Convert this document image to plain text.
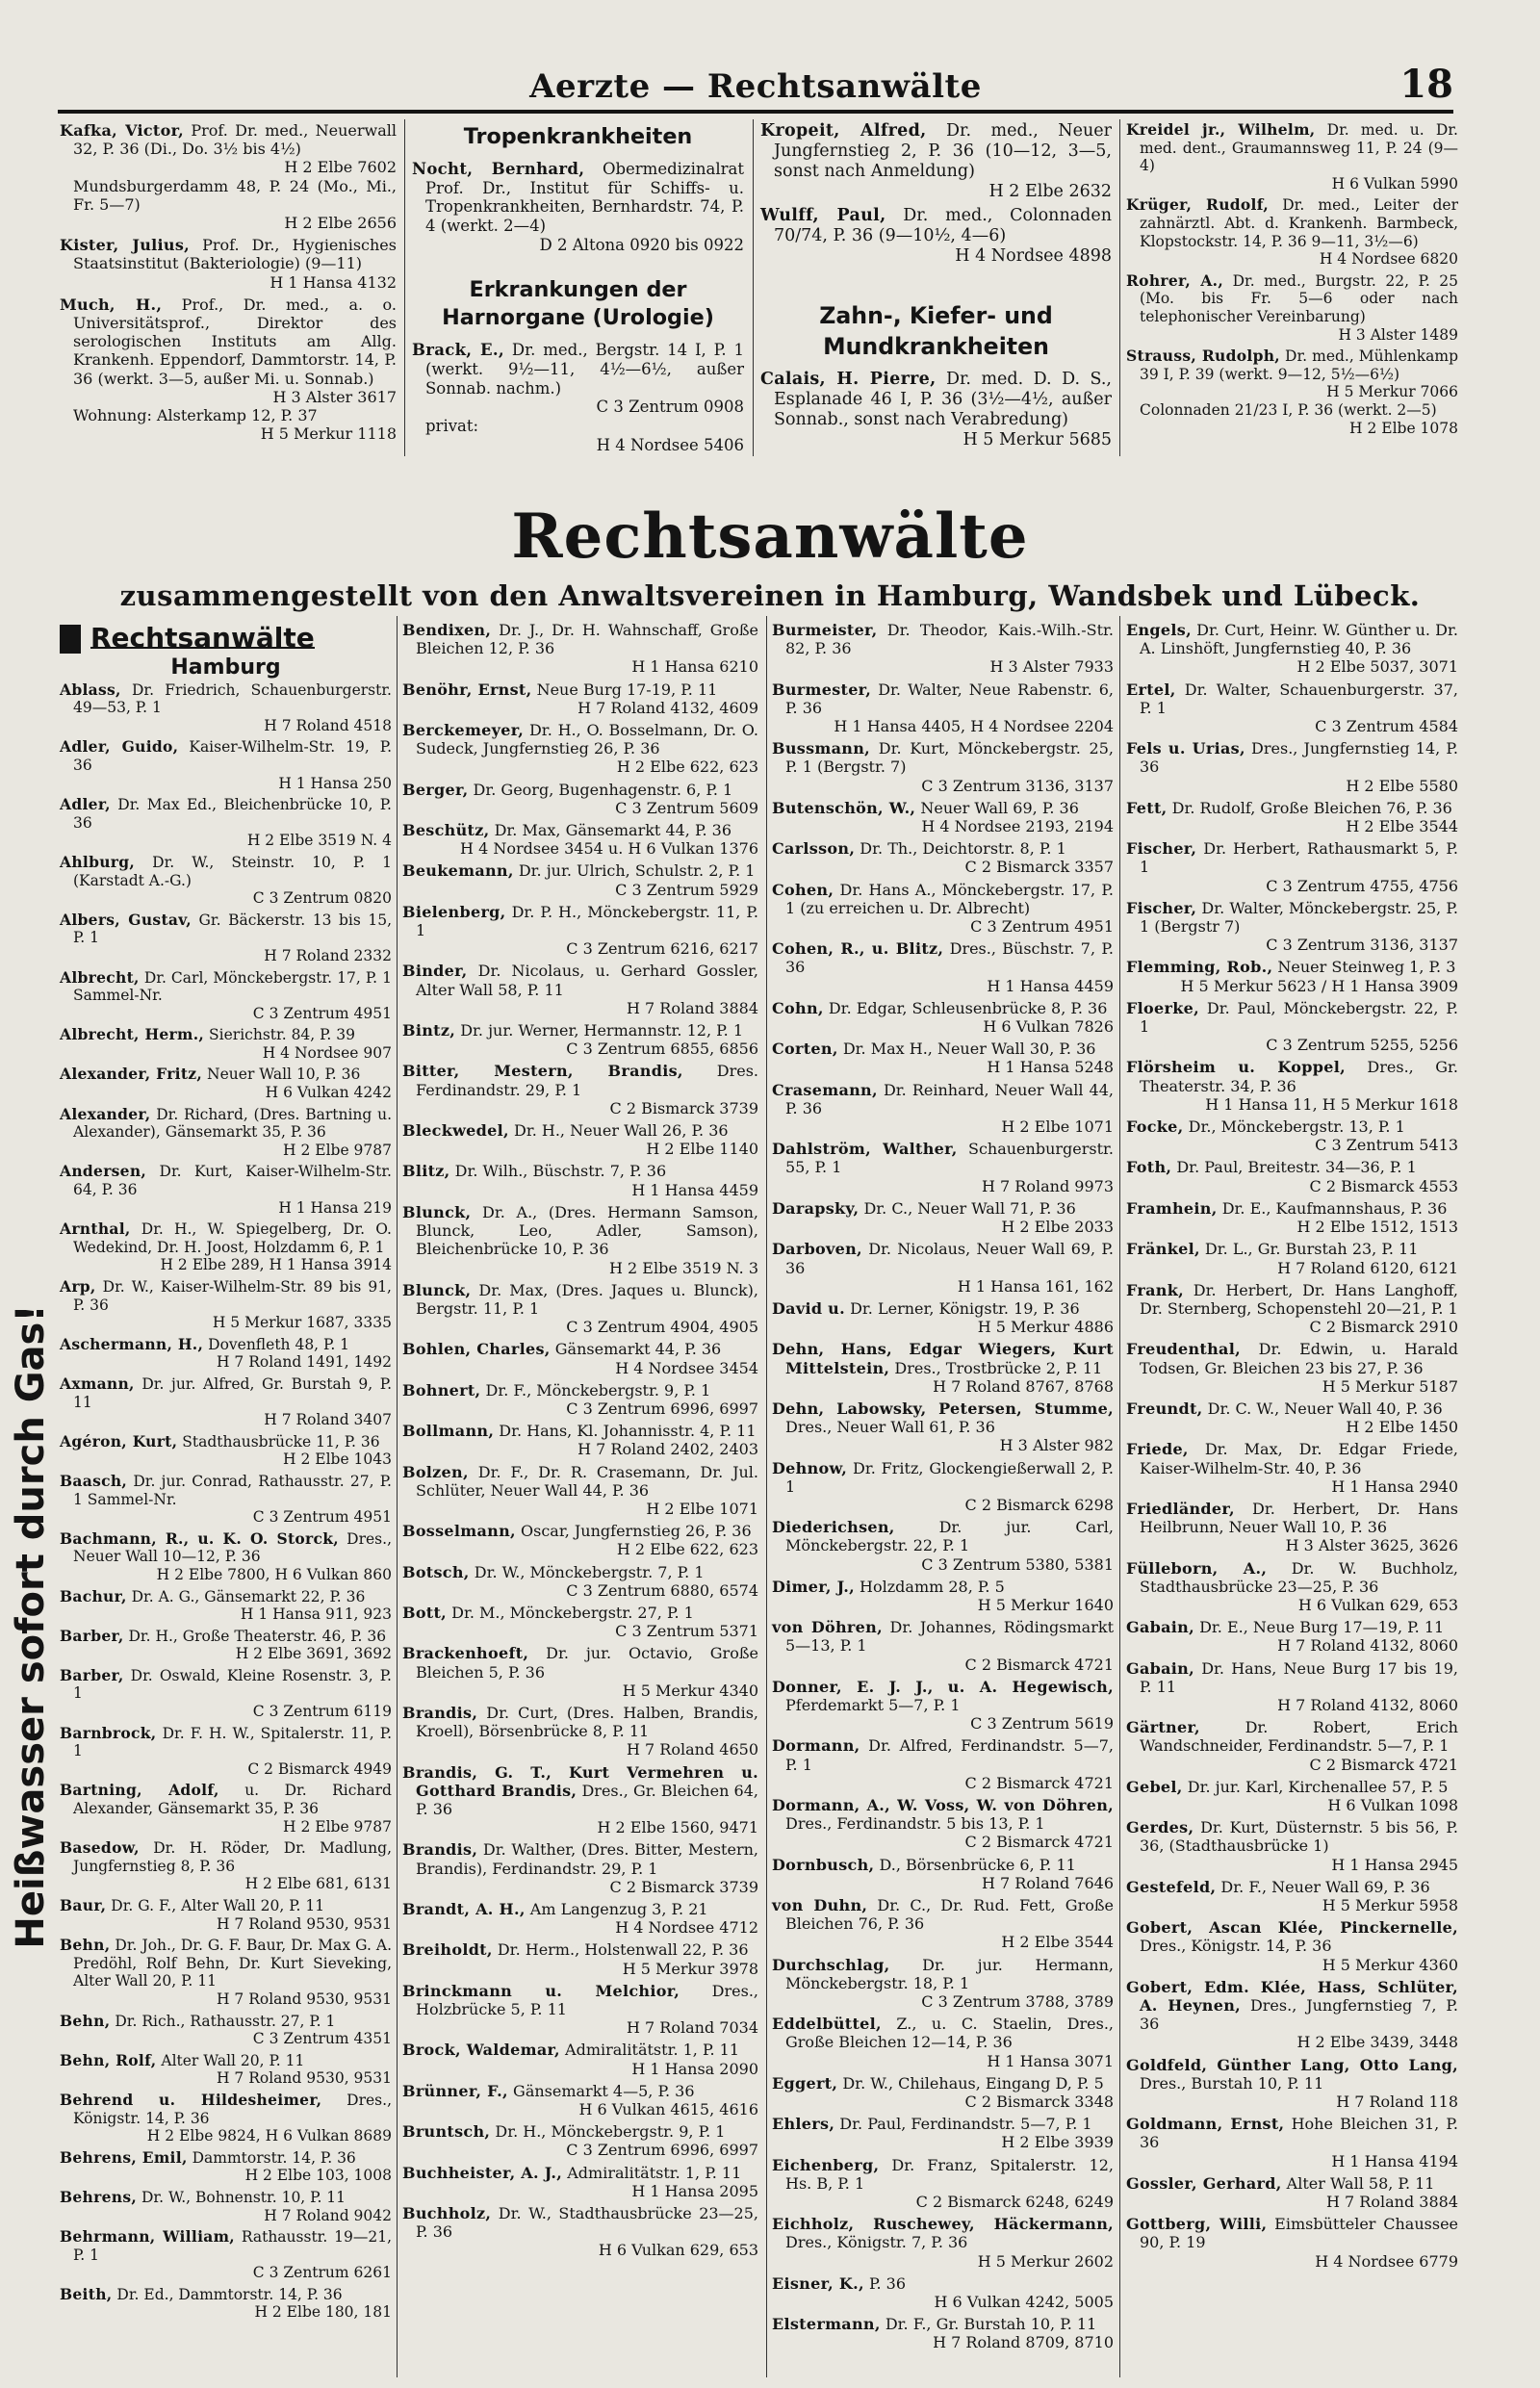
Aerzte — Rechtsanwälte	18
Kafka, Victor, Prof. Dr. med., Neuerwall 32, P. 36 (Di., Do. 3½ bis 4½)
H 2 Elbe 7602
Mundsburgerdamm 48, P. 24 (Mo., Mi., Fr. 5—7)
H 2 Elbe 2656
Kister, Julius, Prof. Dr., Hygienisches Staatsinstitut (Bakteriologie) (9—11)
H 1 Hansa 4132
Much, H., Prof., Dr. med., a. o. Universitätsprof., Direktor des serologischen Instituts am Allg. Krankenh. Eppendorf, Dammtorstr. 14, P. 36 (werkt. 3—5, außer Mi. u. Sonnab.)
H 3 Alster 3617
Wohnung: Alsterkamp 12, P. 37
H 5 Merkur 1118
Tropenkrankheiten
Nocht, Bernhard, Obermedizinalrat Prof. Dr., Institut für Schiffs- u. Tropenkrankheiten, Bernhardstr. 74, P. 4 (werkt. 2—4)
D 2 Altona 0920 bis 0922
Erkrankungen der Harnorgane (Urologie)
Brack, E., Dr. med., Bergstr. 14 I, P. 1 (werkt. 9½—11, 4½—6½, außer Sonnab. nachm.)
C 3 Zentrum 0908
privat:
H 4 Nordsee 5406
Kropeit, Alfred, Dr. med., Neuer Jungfernstieg 2, P. 36 (10—12, 3—5, sonst nach Anmeldung)
H 2 Elbe 2632
Wulff, Paul, Dr. med., Colonnaden 70/74, P. 36 (9—10½, 4—6)
H 4 Nordsee 4898
Zahn-, Kiefer- und Mundkrankheiten
Calais, H. Pierre, Dr. med. D. D. S., Esplanade 46 I, P. 36 (3½—4½, außer Sonnab., sonst nach Verabredung)
H 5 Merkur 5685
Kreidel jr., Wilhelm, Dr. med. u. Dr. med. dent., Graumannsweg 11, P. 24 (9—4)
H 6 Vulkan 5990
Krüger, Rudolf, Dr. med., Leiter der zahnärztl. Abt. d. Krankenh. Barmbeck, Klopstockstr. 14, P. 36 9—11, 3½—6)
H 4 Nordsee 6820
Rohrer, A., Dr. med., Burgstr. 22, P. 25 (Mo. bis Fr. 5—6 oder nach telephonischer Vereinbarung)
H 3 Alster 1489
Strauss, Rudolph, Dr. med., Mühlenkamp 39 I, P. 39 (werkt. 9—12, 5½—6½)
H 5 Merkur 7066
Colonnaden 21/23 I, P. 36 (werkt. 2—5)
H 2 Elbe 1078
Rechtsanwälte
zusammengestellt von den Anwaltsvereinen in Hamburg, Wandsbek und Lübeck.
Heißwasser sofort durch Gas!
Rechtsanwälte
Hamburg
Ablass, Dr. Friedrich, Schauenburgerstr. 49—53, P. 1
H 7 Roland 4518
Adler, Guido, Kaiser-Wilhelm-Str. 19, P. 36
H 1 Hansa 250
Adler, Dr. Max Ed., Bleichenbrücke 10, P. 36
H 2 Elbe 3519 N. 4
Ahlburg, Dr. W., Steinstr. 10, P. 1 (Karstadt A.-G.)
C 3 Zentrum 0820
Albers, Gustav, Gr. Bäckerstr. 13 bis 15, P. 1
H 7 Roland 2332
Albrecht, Dr. Carl, Mönckebergstr. 17, P. 1 Sammel-Nr.
C 3 Zentrum 4951
Albrecht, Herm., Sierichstr. 84, P. 39
H 4 Nordsee 907
Alexander, Fritz, Neuer Wall 10, P. 36
H 6 Vulkan 4242
Alexander, Dr. Richard, (Dres. Bartning u. Alexander), Gänsemarkt 35, P. 36
H 2 Elbe 9787
Andersen, Dr. Kurt, Kaiser-Wilhelm-Str. 64, P. 36
H 1 Hansa 219
Arnthal, Dr. H., W. Spiegelberg, Dr. O. Wedekind, Dr. H. Joost, Holzdamm 6, P. 1
H 2 Elbe 289, H 1 Hansa 3914
Arp, Dr. W., Kaiser-Wilhelm-Str. 89 bis 91, P. 36
H 5 Merkur 1687, 3335
Aschermann, H., Dovenfleth 48, P. 1
H 7 Roland 1491, 1492
Axmann, Dr. jur. Alfred, Gr. Burstah 9, P. 11
H 7 Roland 3407
Agéron, Kurt, Stadthausbrücke 11, P. 36
H 2 Elbe 1043
Baasch, Dr. jur. Conrad, Rathausstr. 27, P. 1 Sammel-Nr.
C 3 Zentrum 4951
Bachmann, R., u. K. O. Storck, Dres., Neuer Wall 10—12, P. 36
H 2 Elbe 7800, H 6 Vulkan 860
Bachur, Dr. A. G., Gänsemarkt 22, P. 36
H 1 Hansa 911, 923
Barber, Dr. H., Große Theaterstr. 46, P. 36
H 2 Elbe 3691, 3692
Barber, Dr. Oswald, Kleine Rosenstr. 3, P. 1
C 3 Zentrum 6119
Barnbrock, Dr. F. H. W., Spitalerstr. 11, P. 1
C 2 Bismarck 4949
Bartning, Adolf, u. Dr. Richard Alexander, Gänsemarkt 35, P. 36
H 2 Elbe 9787
Basedow, Dr. H. Röder, Dr. Madlung, Jungfernstieg 8, P. 36
H 2 Elbe 681, 6131
Baur, Dr. G. F., Alter Wall 20, P. 11
H 7 Roland 9530, 9531
Behn, Dr. Joh., Dr. G. F. Baur, Dr. Max G. A. Predöhl, Rolf Behn, Dr. Kurt Sieveking, Alter Wall 20, P. 11
H 7 Roland 9530, 9531
Behn, Dr. Rich., Rathausstr. 27, P. 1
C 3 Zentrum 4351
Behn, Rolf, Alter Wall 20, P. 11
H 7 Roland 9530, 9531
Behrend u. Hildesheimer, Dres., Königstr. 14, P. 36
H 2 Elbe 9824, H 6 Vulkan 8689
Behrens, Emil, Dammtorstr. 14, P. 36
H 2 Elbe 103, 1008
Behrens, Dr. W., Bohnenstr. 10, P. 11
H 7 Roland 9042
Behrmann, William, Rathausstr. 19—21, P. 1
C 3 Zentrum 6261
Beith, Dr. Ed., Dammtorstr. 14, P. 36
H 2 Elbe 180, 181
Bendixen, Dr. J., Dr. H. Wahnschaff, Große Bleichen 12, P. 36
H 1 Hansa 6210
Benöhr, Ernst, Neue Burg 17-19, P. 11
H 7 Roland 4132, 4609
Berckemeyer, Dr. H., O. Bosselmann, Dr. O. Sudeck, Jungfernstieg 26, P. 36
H 2 Elbe 622, 623
Berger, Dr. Georg, Bugenhagenstr. 6, P. 1
C 3 Zentrum 5609
Beschütz, Dr. Max, Gänsemarkt 44, P. 36
H 4 Nordsee 3454 u. H 6 Vulkan 1376
Beukemann, Dr. jur. Ulrich, Schulstr. 2, P. 1
C 3 Zentrum 5929
Bielenberg, Dr. P. H., Mönckebergstr. 11, P. 1
C 3 Zentrum 6216, 6217
Binder, Dr. Nicolaus, u. Gerhard Gossler, Alter Wall 58, P. 11
H 7 Roland 3884
Bintz, Dr. jur. Werner, Hermannstr. 12, P. 1
C 3 Zentrum 6855, 6856
Bitter, Mestern, Brandis, Dres. Ferdinandstr. 29, P. 1
C 2 Bismarck 3739
Bleckwedel, Dr. H., Neuer Wall 26, P. 36
H 2 Elbe 1140
Blitz, Dr. Wilh., Büschstr. 7, P. 36
H 1 Hansa 4459
Blunck, Dr. A., (Dres. Hermann Samson, Blunck, Leo, Adler, Samson), Bleichenbrücke 10, P. 36
H 2 Elbe 3519 N. 3
Blunck, Dr. Max, (Dres. Jaques u. Blunck), Bergstr. 11, P. 1
C 3 Zentrum 4904, 4905
Bohlen, Charles, Gänsemarkt 44, P. 36
H 4 Nordsee 3454
Bohnert, Dr. F., Mönckebergstr. 9, P. 1
C 3 Zentrum 6996, 6997
Bollmann, Dr. Hans, Kl. Johannisstr. 4, P. 11
H 7 Roland 2402, 2403
Bolzen, Dr. F., Dr. R. Crasemann, Dr. Jul. Schlüter, Neuer Wall 44, P. 36
H 2 Elbe 1071
Bosselmann, Oscar, Jungfernstieg 26, P. 36
H 2 Elbe 622, 623
Botsch, Dr. W., Mönckebergstr. 7, P. 1
C 3 Zentrum 6880, 6574
Bott, Dr. M., Mönckebergstr. 27, P. 1
C 3 Zentrum 5371
Brackenhoeft, Dr. jur. Octavio, Große Bleichen 5, P. 36
H 5 Merkur 4340
Brandis, Dr. Curt, (Dres. Halben, Brandis, Kroell), Börsenbrücke 8, P. 11
H 7 Roland 4650
Brandis, G. T., Kurt Vermehren u. Gotthard Brandis, Dres., Gr. Bleichen 64, P. 36
H 2 Elbe 1560, 9471
Brandis, Dr. Walther, (Dres. Bitter, Mestern, Brandis), Ferdinandstr. 29, P. 1
C 2 Bismarck 3739
Brandt, A. H., Am Langenzug 3, P. 21
H 4 Nordsee 4712
Breiholdt, Dr. Herm., Holstenwall 22, P. 36
H 5 Merkur 3978
Brinckmann u. Melchior, Dres., Holzbrücke 5, P. 11
H 7 Roland 7034
Brock, Waldemar, Admiralitätstr. 1, P. 11
H 1 Hansa 2090
Brünner, F., Gänsemarkt 4—5, P. 36
H 6 Vulkan 4615, 4616
Bruntsch, Dr. H., Mönckebergstr. 9, P. 1
C 3 Zentrum 6996, 6997
Buchheister, A. J., Admiralitätstr. 1, P. 11
H 1 Hansa 2095
Buchholz, Dr. W., Stadthausbrücke 23—25, P. 36
H 6 Vulkan 629, 653
Burmeister, Dr. Theodor, Kais.-Wilh.-Str. 82, P. 36
H 3 Alster 7933
Burmester, Dr. Walter, Neue Rabenstr. 6, P. 36
H 1 Hansa 4405, H 4 Nordsee 2204
Bussmann, Dr. Kurt, Mönckebergstr. 25, P. 1 (Bergstr. 7)
C 3 Zentrum 3136, 3137
Butenschön, W., Neuer Wall 69, P. 36
H 4 Nordsee 2193, 2194
Carlsson, Dr. Th., Deichtorstr. 8, P. 1
C 2 Bismarck 3357
Cohen, Dr. Hans A., Mönckebergstr. 17, P. 1 (zu erreichen u. Dr. Albrecht)
C 3 Zentrum 4951
Cohen, R., u. Blitz, Dres., Büschstr. 7, P. 36
H 1 Hansa 4459
Cohn, Dr. Edgar, Schleusenbrücke 8, P. 36
H 6 Vulkan 7826
Corten, Dr. Max H., Neuer Wall 30, P. 36
H 1 Hansa 5248
Crasemann, Dr. Reinhard, Neuer Wall 44, P. 36
H 2 Elbe 1071
Dahlström, Walther, Schauenburgerstr. 55, P. 1
H 7 Roland 9973
Darapsky, Dr. C., Neuer Wall 71, P. 36
H 2 Elbe 2033
Darboven, Dr. Nicolaus, Neuer Wall 69, P. 36
H 1 Hansa 161, 162
David u. Dr. Lerner, Königstr. 19, P. 36
H 5 Merkur 4886
Dehn, Hans, Edgar Wiegers, Kurt Mittelstein, Dres., Trostbrücke 2, P. 11
H 7 Roland 8767, 8768
Dehn, Labowsky, Petersen, Stumme, Dres., Neuer Wall 61, P. 36
H 3 Alster 982
Dehnow, Dr. Fritz, Glockengießerwall 2, P. 1
C 2 Bismarck 6298
Diederichsen,	Dr. jur. Carl, Mönckebergstr. 22, P. 1
C 3 Zentrum 5380, 5381
Dimer, J., Holzdamm 28, P. 5
H 5 Merkur 1640
von Döhren, Dr. Johannes, Rödingsmarkt 5—13, P. 1
C 2 Bismarck 4721
Donner, E. J. J., u. A. Hegewisch, Pferdemarkt 5—7, P. 1
C 3 Zentrum 5619
Dormann, Dr. Alfred, Ferdinandstr. 5—7, P. 1
C 2 Bismarck 4721
Dormann, A., W. Voss, W. von Döhren, Dres., Ferdinandstr. 5 bis 13, P. 1
C 2 Bismarck 4721
Dornbusch, D., Börsenbrücke 6, P. 11
H 7 Roland 7646
von Duhn, Dr. C., Dr. Rud. Fett, Große Bleichen 76, P. 36
H 2 Elbe 3544
Durchschlag, Dr. jur. Hermann, Mönckebergstr. 18, P. 1
C 3 Zentrum 3788, 3789
Eddelbüttel, Z., u. C. Staelin, Dres., Große Bleichen 12—14, P. 36
H 1 Hansa 3071
Eggert, Dr. W., Chilehaus, Eingang D, P. 5
C 2 Bismarck 3348
Ehlers, Dr. Paul, Ferdinandstr. 5—7, P. 1
H 2 Elbe 3939
Eichenberg, Dr. Franz, Spitalerstr. 12, Hs. B, P. 1
C 2 Bismarck 6248, 6249
Eichholz, Ruschewey, Häckermann, Dres., Königstr. 7, P. 36
H 5 Merkur 2602
Eisner, K., P. 36
H 6 Vulkan 4242, 5005
Elstermann, Dr. F., Gr. Burstah 10, P. 11
H 7 Roland 8709, 8710
Engels, Dr. Curt, Heinr. W. Günther u. Dr. A. Linshöft, Jungfernstieg 40, P. 36
H 2 Elbe 5037, 3071
Ertel, Dr. Walter, Schauenburgerstr. 37, P. 1
C 3 Zentrum 4584
Fels u. Urias, Dres., Jungfernstieg 14, P. 36
H 2 Elbe 5580
Fett, Dr. Rudolf, Große Bleichen 76, P. 36
H 2 Elbe 3544
Fischer, Dr. Herbert, Rathausmarkt 5, P. 1
C 3 Zentrum 4755, 4756
Fischer, Dr. Walter, Mönckebergstr. 25, P. 1 (Bergstr 7)
C 3 Zentrum 3136, 3137
Flemming, Rob., Neuer Steinweg 1, P. 3
H 5 Merkur 5623 / H 1 Hansa 3909
Floerke, Dr. Paul, Mönckebergstr. 22, P. 1
C 3 Zentrum 5255, 5256
Flörsheim u. Koppel, Dres., Gr. Theaterstr. 34, P. 36
H 1 Hansa 11, H 5 Merkur 1618
Focke, Dr., Mönckebergstr. 13, P. 1
C 3 Zentrum 5413
Foth, Dr. Paul, Breitestr. 34—36, P. 1
C 2 Bismarck 4553
Framhein, Dr. E., Kaufmannshaus, P. 36
H 2 Elbe 1512, 1513
Fränkel, Dr. L., Gr. Burstah 23, P. 11
H 7 Roland 6120, 6121
Frank, Dr. Herbert, Dr. Hans Langhoff, Dr. Sternberg, Schopenstehl 20—21, P. 1
C 2 Bismarck 2910
Freudenthal, Dr. Edwin, u. Harald Todsen, Gr. Bleichen 23 bis 27, P. 36
H 5 Merkur 5187
Freundt, Dr. C. W., Neuer Wall 40, P. 36
H 2 Elbe 1450
Friede, Dr. Max, Dr. Edgar Friede, Kaiser-Wilhelm-Str. 40, P. 36
H 1 Hansa 2940
Friedländer, Dr. Herbert, Dr. Hans Heilbrunn, Neuer Wall 10, P. 36
H 3 Alster 3625, 3626
Fülleborn, A., Dr. W. Buchholz, Stadthausbrücke 23—25, P. 36
H 6 Vulkan 629, 653
Gabain, Dr. E., Neue Burg 17—19, P. 11
H 7 Roland 4132, 8060
Gabain, Dr. Hans, Neue Burg 17 bis 19, P. 11
H 7 Roland 4132, 8060
Gärtner,	Dr. Robert, Erich Wandschneider, Ferdinandstr. 5—7, P. 1
C 2 Bismarck 4721
Gebel, Dr. jur. Karl, Kirchenallee 57, P. 5
H 6 Vulkan 1098
Gerdes, Dr. Kurt, Düsternstr. 5 bis 56, P. 36, (Stadthausbrücke 1)
H 1 Hansa 2945
Gestefeld, Dr. F., Neuer Wall 69, P. 36
H 5 Merkur 5958
Gobert, Ascan Klée, Pinckernelle, Dres., Königstr. 14, P. 36
H 5 Merkur 4360
Gobert, Edm. Klée, Hass, Schlüter, A. Heynen, Dres., Jungfernstieg 7, P. 36
H 2 Elbe 3439, 3448
Goldfeld, Günther Lang, Otto Lang, Dres., Burstah 10, P. 11
H 7 Roland 118
Goldmann, Ernst, Hohe Bleichen 31, P. 36
H 1 Hansa 4194
Gossler, Gerhard, Alter Wall 58, P. 11
H 7 Roland 3884
Gottberg, Willi, Eimsbütteler Chaussee 90, P. 19
H 4 Nordsee 6779
